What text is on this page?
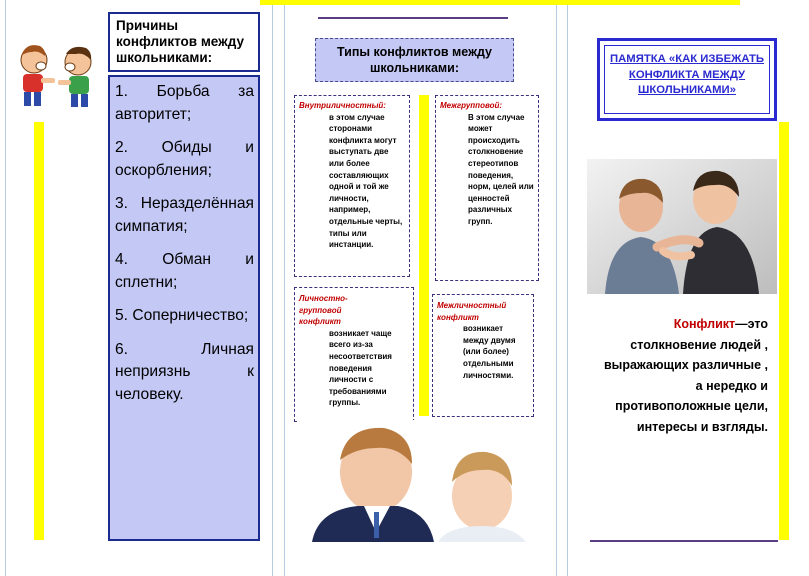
Причины конфликтов между школьниками:

1. Борьба за авторитет;

2. Обиды и оскорбления;

3. Неразделённая симпатия;

4. Обман и сплетни;

5. Соперничество;

6. Личная неприязнь к человеку.

Типы конфликтов между школьниками:
Внутриличностный:
в этом случае сторонами конфликта могут выступать две или более составляющих одной и той же личности, например, отдельные черты, типы или инстанции.
Межгрупповой:
В этом случае может происходить столкновение стереотипов поведения, норм, целей или ценностей различных групп.
Личностно-групповой конфликт
возникает чаще всего из-за несоответствия поведения личности с требованиями группы.
Межличностный конфликт
возникает между двумя (или более) отдельными личностями.
ПАМЯТКА «КАК ИЗБЕЖАТЬ КОНФЛИКТА МЕЖДУ ШКОЛЬНИКАМИ»
Конфликт—это столкновение людей , выражающих различные , а нередко и противоположные цели, интересы и взгляды.
